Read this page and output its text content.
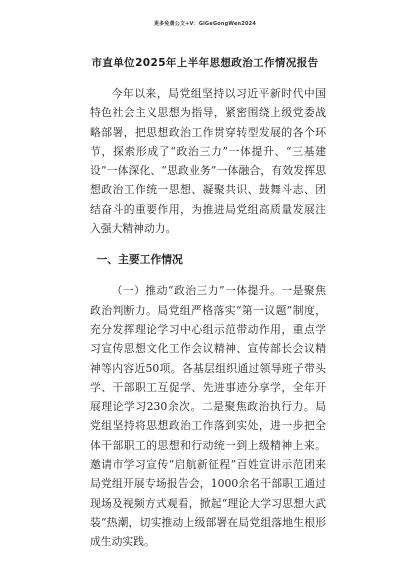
更多免费公文+V：GiGeGongWen2024
市直单位2025年上半年思想政治工作情况报告

今年以来，局党组坚持以习近平新时代中国特色社会主义思想为指导，紧密围绕上级党委战略部署，把思想政治工作贯穿转型发展的各个环节，探索形成了“政治三力”一体提升、“三基建设”一体深化、“思政业务”一体融合，有效发挥思想政治工作统一思想、凝聚共识、鼓舞斗志、团结奋斗的重要作用，为推进局党组高质量发展注入强大精神动力。

一、主要工作情况

（一）推动“政治三力”一体提升。一是聚焦政治判断力。局党组严格落实“第一议题”制度，充分发挥理论学习中心组示范带动作用，重点学习宣传思想文化工作会议精神、宣传部长会议精神等内容近50项。各基层组织通过领导班子带头学、干部职工互促学、先进事迹分享学，全年开展理论学习230余次。二是聚焦政治执行力。局党组坚持将思想政治工作落到实处，进一步把全体干部职工的思想和行动统一到上级精神上来。邀请市学习宣传“启航新征程”百姓宣讲示范团来局党组开展专场报告会，1000余名干部职工通过现场及视频方式观看，掀起“理论大学习思想大武装”热潮，切实推动上级部署在局党组落地生根形成生动实践。
